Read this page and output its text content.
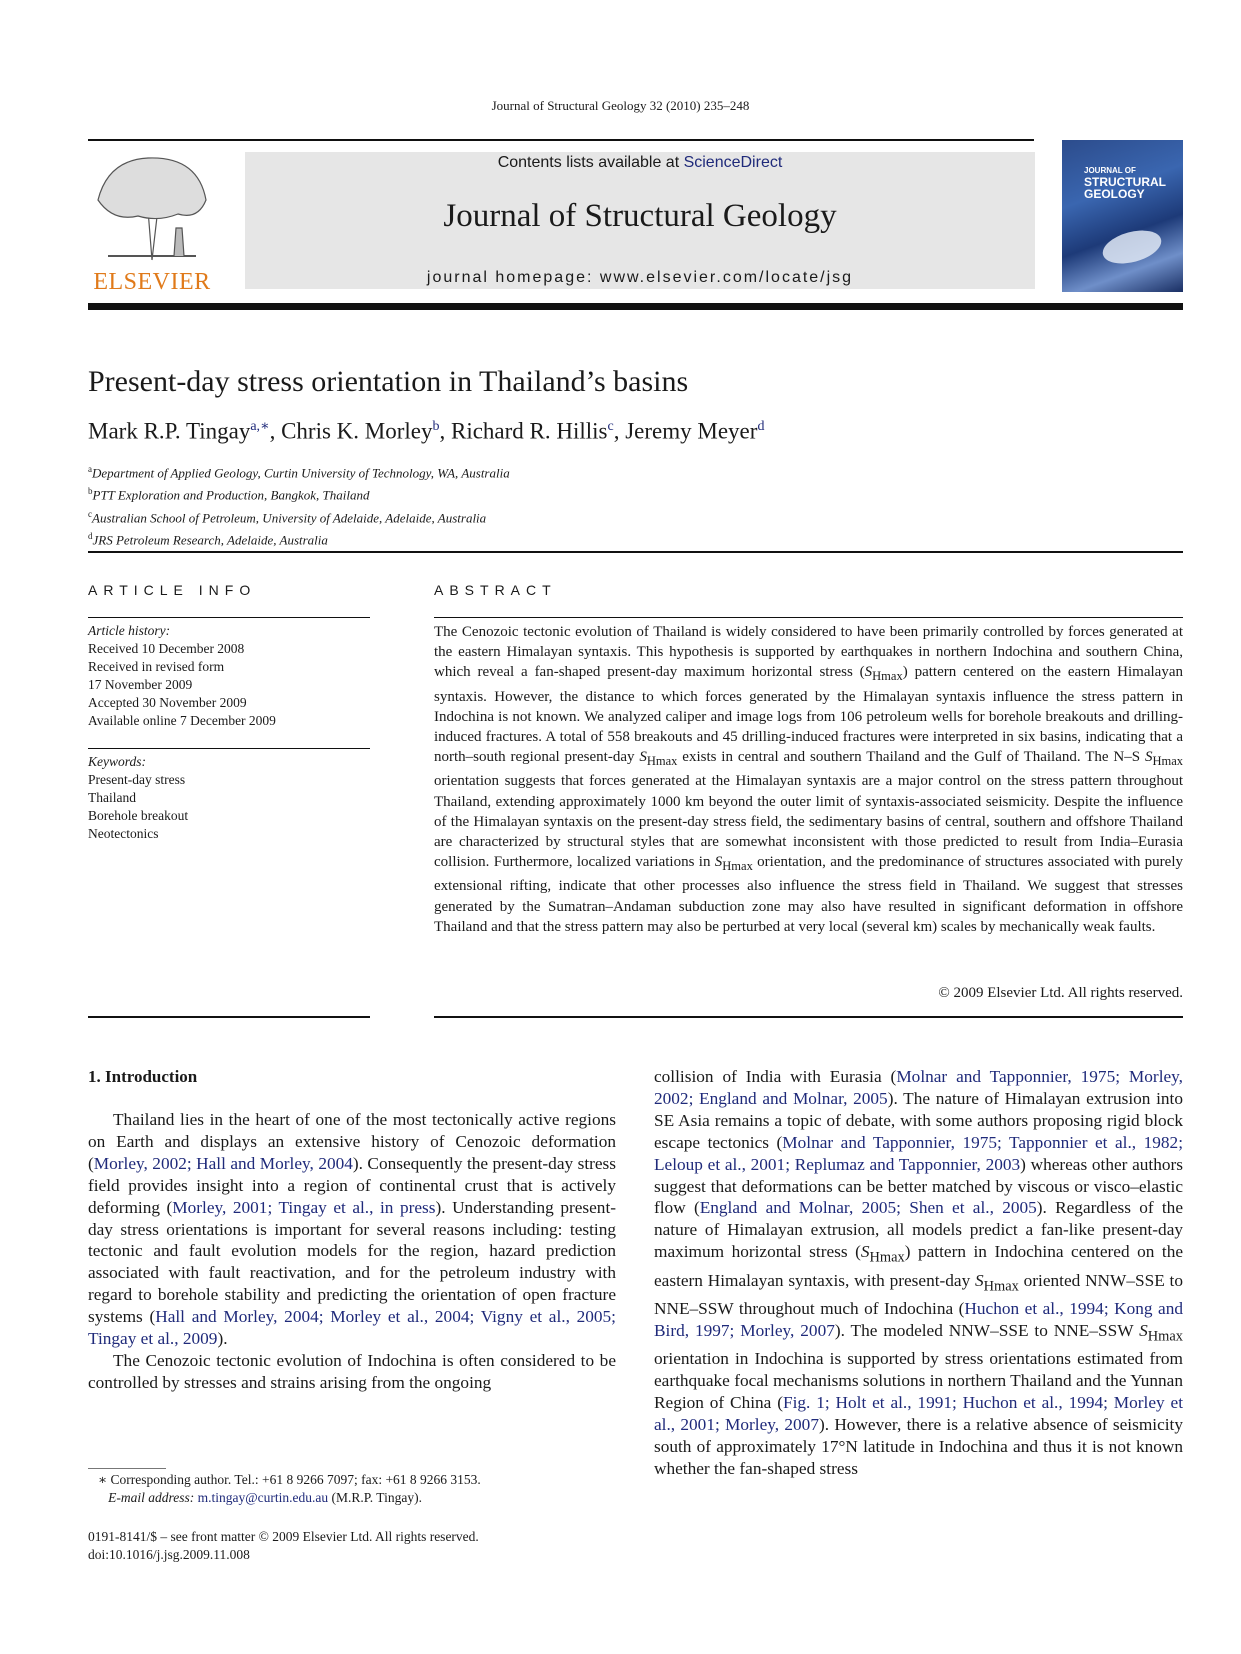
Journal of Structural Geology 32 (2010) 235–248
ELSEVIER
Contents lists available at ScienceDirect
Journal of Structural Geology
journal homepage: www.elsevier.com/locate/jsg
JOURNAL OF
STRUCTURAL
GEOLOGY
Present-day stress orientation in Thailand’s basins
Mark R.P. Tingay$^{a,∗}$, Chris K. Morley$^b$, Richard R. Hillis$^c$, Jeremy Meyer$^d$
$^a$Department of Applied Geology, Curtin University of Technology, WA, Australia
$^b$PTT Exploration and Production, Bangkok, Thailand
$^c$Australian School of Petroleum, University of Adelaide, Adelaide, Australia
$^d$JRS Petroleum Research, Adelaide, Australia
ARTICLE INFO	ABSTRACT
Article history:
Received 10 December 2008
Received in revised form
17 November 2009
Accepted 30 November 2009
Available online 7 December 2009
Keywords:
Present-day stress
Thailand
Borehole breakout
Neotectonics
The Cenozoic tectonic evolution of Thailand is widely considered to have been primarily controlled by forces generated at the eastern Himalayan syntaxis. This hypothesis is supported by earthquakes in northern Indochina and southern China, which reveal a fan-shaped present-day maximum horizontal stress $(S_{Hmax})$ pattern centered on the eastern Himalayan syntaxis. However, the distance to which forces generated by the Himalayan syntaxis influence the stress pattern in Indochina is not known. We analyzed caliper and image logs from 106 petroleum wells for borehole breakouts and drilling-induced fractures. A total of 558 breakouts and 45 drilling-induced fractures were interpreted in six basins, indicating that a north–south regional present-day $S_{Hmax}$ exists in central and southern Thailand and the Gulf of Thailand. The N–S $S_{Hmax}$ orientation suggests that forces generated at the Himalayan syntaxis are a major control on the stress pattern throughout Thailand, extending approximately 1000 km beyond the outer limit of syntaxis-associated seismicity. Despite the influence of the Himalayan syntaxis on the present-day stress field, the sedimentary basins of central, southern and offshore Thailand are characterized by structural styles that are somewhat inconsistent with those predicted to result from India–Eurasia collision. Furthermore, localized variations in $S_{Hmax}$ orientation, and the predominance of structures associated with purely extensional rifting, indicate that other processes also influence the stress field in Thailand. We suggest that stresses generated by the Sumatran–Andaman subduction zone may also have resulted in significant deformation in offshore Thailand and that the stress pattern may also be perturbed at very local (several km) scales by mechanically weak faults.
© 2009 Elsevier Ltd. All rights reserved.
1. Introduction

Thailand lies in the heart of one of the most tectonically active regions on Earth and displays an extensive history of Cenozoic deformation (Morley, 2002; Hall and Morley, 2004). Consequently the present-day stress field provides insight into a region of continental crust that is actively deforming (Morley, 2001; Tingay et al., in press). Understanding present-day stress orientations is important for several reasons including: testing tectonic and fault evolution models for the region, hazard prediction associated with fault reactivation, and for the petroleum industry with regard to borehole stability and predicting the orientation of open fracture systems (Hall and Morley, 2004; Morley et al., 2004; Vigny et al., 2005; Tingay et al., 2009).

The Cenozoic tectonic evolution of Indochina is often considered to be controlled by stresses and strains arising from the ongoing

collision of India with Eurasia (Molnar and Tapponnier, 1975; Morley, 2002; England and Molnar, 2005). The nature of Himalayan extrusion into SE Asia remains a topic of debate, with some authors proposing rigid block escape tectonics (Molnar and Tapponnier, 1975; Tapponnier et al., 1982; Leloup et al., 2001; Replumaz and Tapponnier, 2003) whereas other authors suggest that deformations can be better matched by viscous or visco–elastic flow (England and Molnar, 2005; Shen et al., 2005). Regardless of the nature of Himalayan extrusion, all models predict a fan-like present-day maximum horizontal stress $(S_{Hmax})$ pattern in Indochina centered on the eastern Himalayan syntaxis, with present-day $S_{Hmax}$ oriented NNW–SSE to NNE–SSW throughout much of Indochina (Huchon et al., 1994; Kong and Bird, 1997; Morley, 2007). The modeled NNW–SSE to NNE–SSW $S_{Hmax}$ orientation in Indochina is supported by stress orientations estimated from earthquake focal mechanisms solutions in northern Thailand and the Yunnan Region of China (Fig. 1; Holt et al., 1991; Huchon et al., 1994; Morley et al., 2001; Morley, 2007). However, there is a relative absence of seismicity south of approximately 17°N latitude in Indochina and thus it is not known whether the fan-shaped stress

∗ Corresponding author. Tel.: +61 8 9266 7097; fax: +61 8 9266 3153.
E-mail address: m.tingay@curtin.edu.au (M.R.P. Tingay).
0191-8141/$ – see front matter © 2009 Elsevier Ltd. All rights reserved.
doi:10.1016/j.jsg.2009.11.008
